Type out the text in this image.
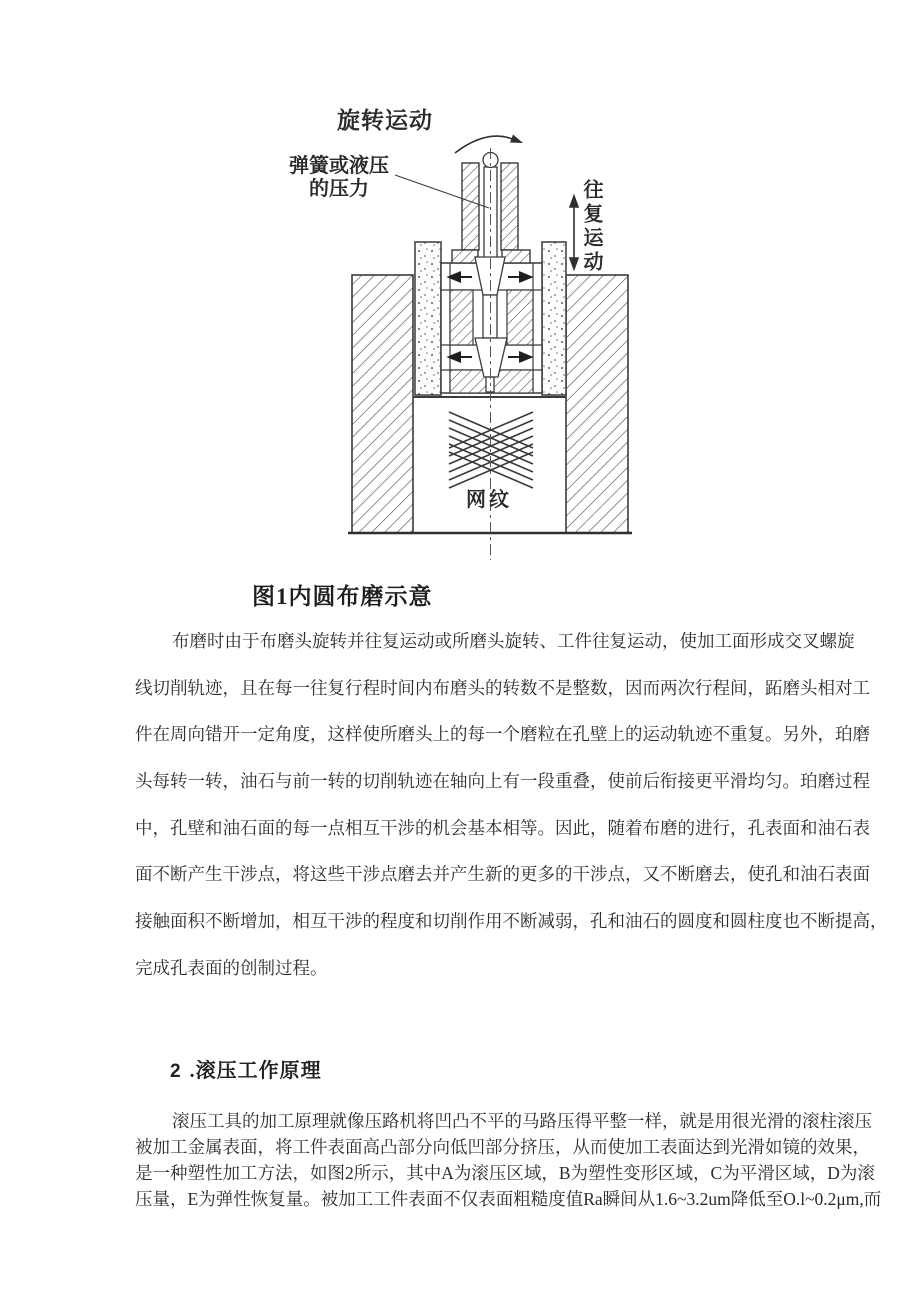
旋转运动
弹簧或液压
的压力	往复运动
网纹
图1内圆布磨示意
布磨时由于布磨头旋转并往复运动或所磨头旋转、工件往复运动，使加工面形成交叉螺旋
线切削轨迹，且在每一往复行程时间内布磨头的转数不是整数，因而两次行程间，跖磨头相对工
件在周向错开一定角度，这样使所磨头上的每一个磨粒在孔壁上的运动轨迹不重复。另外，珀磨
头每转一转，油石与前一转的切削轨迹在轴向上有一段重叠，使前后衔接更平滑均匀。珀磨过程
中，孔壁和油石面的每一点相互干涉的机会基本相等。因此，随着布磨的进行，孔表面和油石表
面不断产生干涉点，将这些干涉点磨去并产生新的更多的干涉点，又不断磨去，使孔和油石表面
接触面积不断增加，相互干涉的程度和切削作用不断减弱，孔和油石的圆度和圆柱度也不断提高，
完成孔表面的创制过程。
2 .滚压工作原理
滚压工具的加工原理就像压路机将凹凸不平的马路压得平整一样，就是用很光滑的滚柱滚压
被加工金属表面，将工件表面高凸部分向低凹部分挤压，从而使加工表面达到光滑如镜的效果，
是一种塑性加工方法，如图2所示，其中A为滚压区域，B为塑性变形区域，C为平滑区域，D为滚
压量，E为弹性恢复量。被加工工件表面不仅表面粗糙度值Ra瞬间从1.6~3.2um降低至O.l~0.2μm,而
